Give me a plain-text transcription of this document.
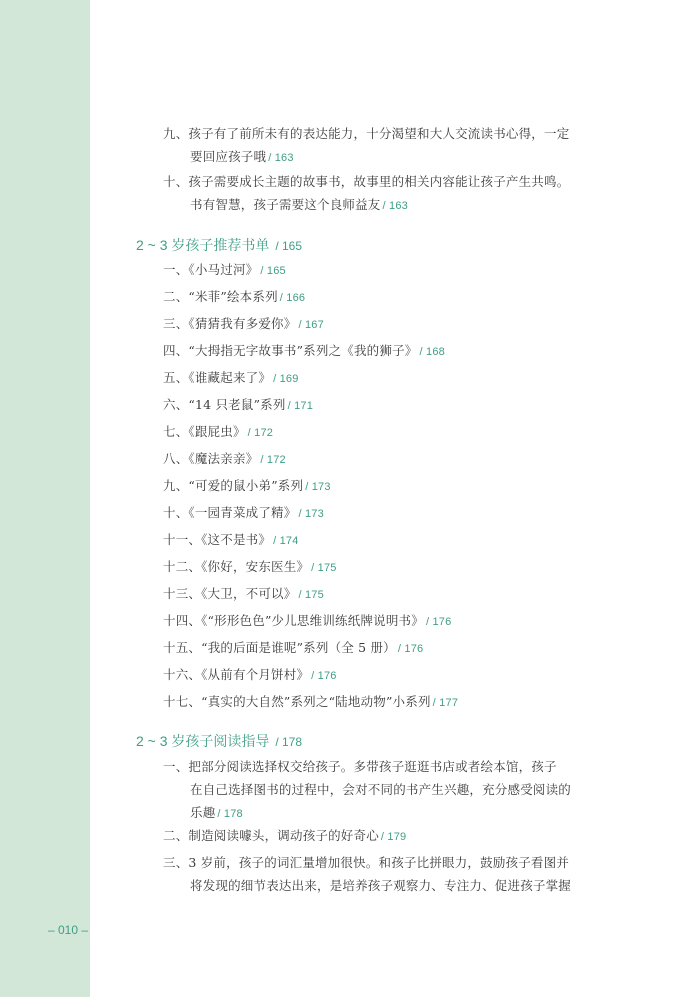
– 010 –
九、孩子有了前所未有的表达能力，十分渴望和大人交流读书心得，一定
要回应孩子哦 / 163
十、孩子需要成长主题的故事书，故事里的相关内容能让孩子产生共鸣。
书有智慧，孩子需要这个良师益友 / 163
2 ~ 3 岁孩子推荐书单 / 165
一、《小马过河》 / 165
二、“米菲”绘本系列 / 166
三、《猜猜我有多爱你》 / 167
四、“大拇指无字故事书”系列之《我的狮子》 / 168
五、《谁藏起来了》 / 169
六、“14 只老鼠”系列 / 171
七、《跟屁虫》 / 172
八、《魔法亲亲》 / 172
九、“可爱的鼠小弟”系列 / 173
十、《一园青菜成了精》 / 173
十一、《这不是书》 / 174
十二、《你好，安东医生》 / 175
十三、《大卫，不可以》 / 175
十四、《“形形色色”少儿思维训练纸牌说明书》 / 176
十五、“我的后面是谁呢”系列（全 5 册） / 176
十六、《从前有个月饼村》 / 176
十七、“真实的大自然”系列之“陆地动物”小系列 / 177
2 ~ 3 岁孩子阅读指导 / 178
一、把部分阅读选择权交给孩子。多带孩子逛逛书店或者绘本馆，孩子
在自己选择图书的过程中，会对不同的书产生兴趣，充分感受阅读的
乐趣 / 178
二、制造阅读噱头，调动孩子的好奇心 / 179
三、3 岁前，孩子的词汇量增加很快。和孩子比拼眼力，鼓励孩子看图并
将发现的细节表达出来，是培养孩子观察力、专注力、促进孩子掌握
